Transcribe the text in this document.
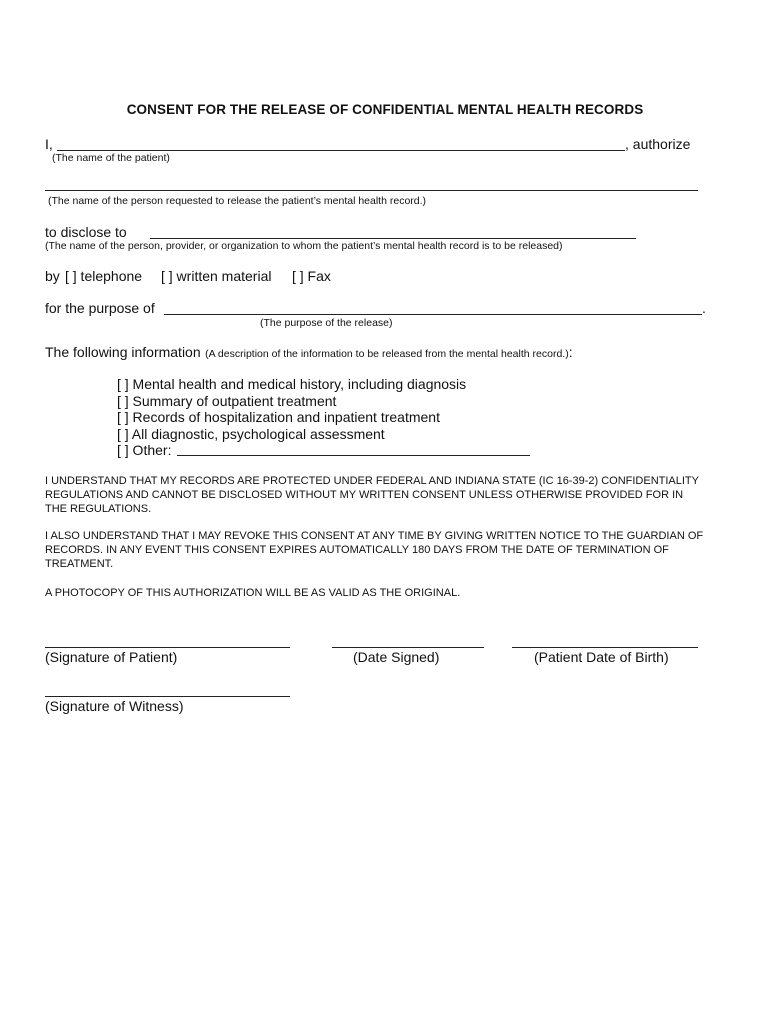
CONSENT FOR THE RELEASE OF CONFIDENTIAL MENTAL HEALTH RECORDS
I,	, authorize
(The name of the patient)
(The name of the person requested to release the patient’s mental health record.)
to disclose to
(The name of the person, provider, or organization to whom the patient’s mental health record is to be released)
by [ ] telephone [ ] written material [ ] Fax
for the purpose of	.
(The purpose of the release)
The following information (A description of the information to be released from the mental health record.):
[ ] Mental health and medical history, including diagnosis
[ ] Summary of outpatient treatment
[ ] Records of hospitalization and inpatient treatment
[ ] All diagnostic, psychological assessment
[ ] Other:
I UNDERSTAND THAT MY RECORDS ARE PROTECTED UNDER FEDERAL AND INDIANA STATE (IC 16-39-2) CONFIDENTIALITY REGULATIONS AND CANNOT BE DISCLOSED WITHOUT MY WRITTEN CONSENT UNLESS OTHERWISE PROVIDED FOR IN THE REGULATIONS.
I ALSO UNDERSTAND THAT I MAY REVOKE THIS CONSENT AT ANY TIME BY GIVING WRITTEN NOTICE TO THE GUARDIAN OF RECORDS. IN ANY EVENT THIS CONSENT EXPIRES AUTOMATICALLY 180 DAYS FROM THE DATE OF TERMINATION OF TREATMENT.
A PHOTOCOPY OF THIS AUTHORIZATION WILL BE AS VALID AS THE ORIGINAL.
(Signature of Patient)	(Date Signed)	(Patient Date of Birth)
(Signature of Witness)
